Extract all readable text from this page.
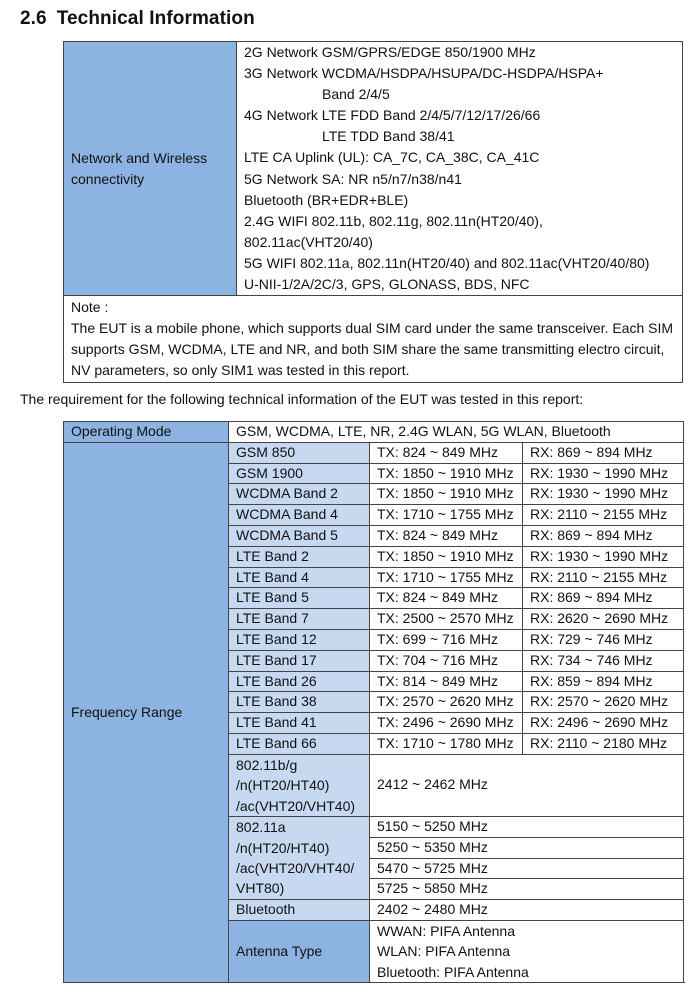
2.6 Technical Information
Network and Wireless connectivity	
2G Network GSM/GPRS/EDGE 850/1900 MHz
3G Network WCDMA/HSDPA/HSUPA/DC-HSDPA/HSPA+
Band 2/4/5
4G Network LTE FDD Band 2/4/5/7/12/17/26/66
LTE TDD Band 38/41
LTE CA Uplink (UL): CA_7C, CA_38C, CA_41C
5G Network SA: NR n5/n7/n38/n41
Bluetooth (BR+EDR+BLE)
2.4G WIFI 802.11b, 802.11g, 802.11n(HT20/40),
802.11ac(VHT20/40)
5G WIFI 802.11a, 802.11n(HT20/40) and 802.11ac(VHT20/40/80)
U-NII-1/2A/2C/3, GPS, GLONASS, BDS, NFC

Note :
The EUT is a mobile phone, which supports dual SIM card under the same transceiver. Each SIM supports GSM, WCDMA, LTE and NR, and both SIM share the same transmitting electro circuit, NV parameters, so only SIM1 was tested in this report.
The requirement for the following technical information of the EUT was tested in this report:
Operating Mode	GSM, WCDMA, LTE, NR, 2.4G WLAN, 5G WLAN, Bluetooth		
Frequency Range	GSM 850	TX: 824 ~ 849 MHz	RX: 869 ~ 894 MHz
	GSM 1900	TX: 1850 ~ 1910 MHz	RX: 1930 ~ 1990 MHz
	WCDMA Band 2	TX: 1850 ~ 1910 MHz	RX: 1930 ~ 1990 MHz
	WCDMA Band 4	TX: 1710 ~ 1755 MHz	RX: 2110 ~ 2155 MHz
	WCDMA Band 5	TX: 824 ~ 849 MHz	RX: 869 ~ 894 MHz
	LTE Band 2	TX: 1850 ~ 1910 MHz	RX: 1930 ~ 1990 MHz
	LTE Band 4	TX: 1710 ~ 1755 MHz	RX: 2110 ~ 2155 MHz
	LTE Band 5	TX: 824 ~ 849 MHz	RX: 869 ~ 894 MHz
	LTE Band 7	TX: 2500 ~ 2570 MHz	RX: 2620 ~ 2690 MHz
	LTE Band 12	TX: 699 ~ 716 MHz	RX: 729 ~ 746 MHz
	LTE Band 17	TX: 704 ~ 716 MHz	RX: 734 ~ 746 MHz
	LTE Band 26	TX: 814 ~ 849 MHz	RX: 859 ~ 894 MHz
	LTE Band 38	TX: 2570 ~ 2620 MHz	RX: 2570 ~ 2620 MHz
	LTE Band 41	TX: 2496 ~ 2690 MHz	RX: 2496 ~ 2690 MHz
	LTE Band 66	TX: 1710 ~ 1780 MHz	RX: 2110 ~ 2180 MHz

	802.11b/g
/n(HT20/HT40)
/ac(VHT20/VHT40)	2412 ~ 2462 MHz	

	802.11a
/n(HT20/HT40)
/ac(VHT20/VHT40/
VHT80)	5150 ~ 5250 MHz	
		5250 ~ 5350 MHz	
		5470 ~ 5725 MHz	
		5725 ~ 5850 MHz	
	Bluetooth	2402 ~ 2480 MHz	
	Antenna Type	WWAN: PIFA Antenna
WLAN: PIFA Antenna
Bluetooth: PIFA Antenna	
